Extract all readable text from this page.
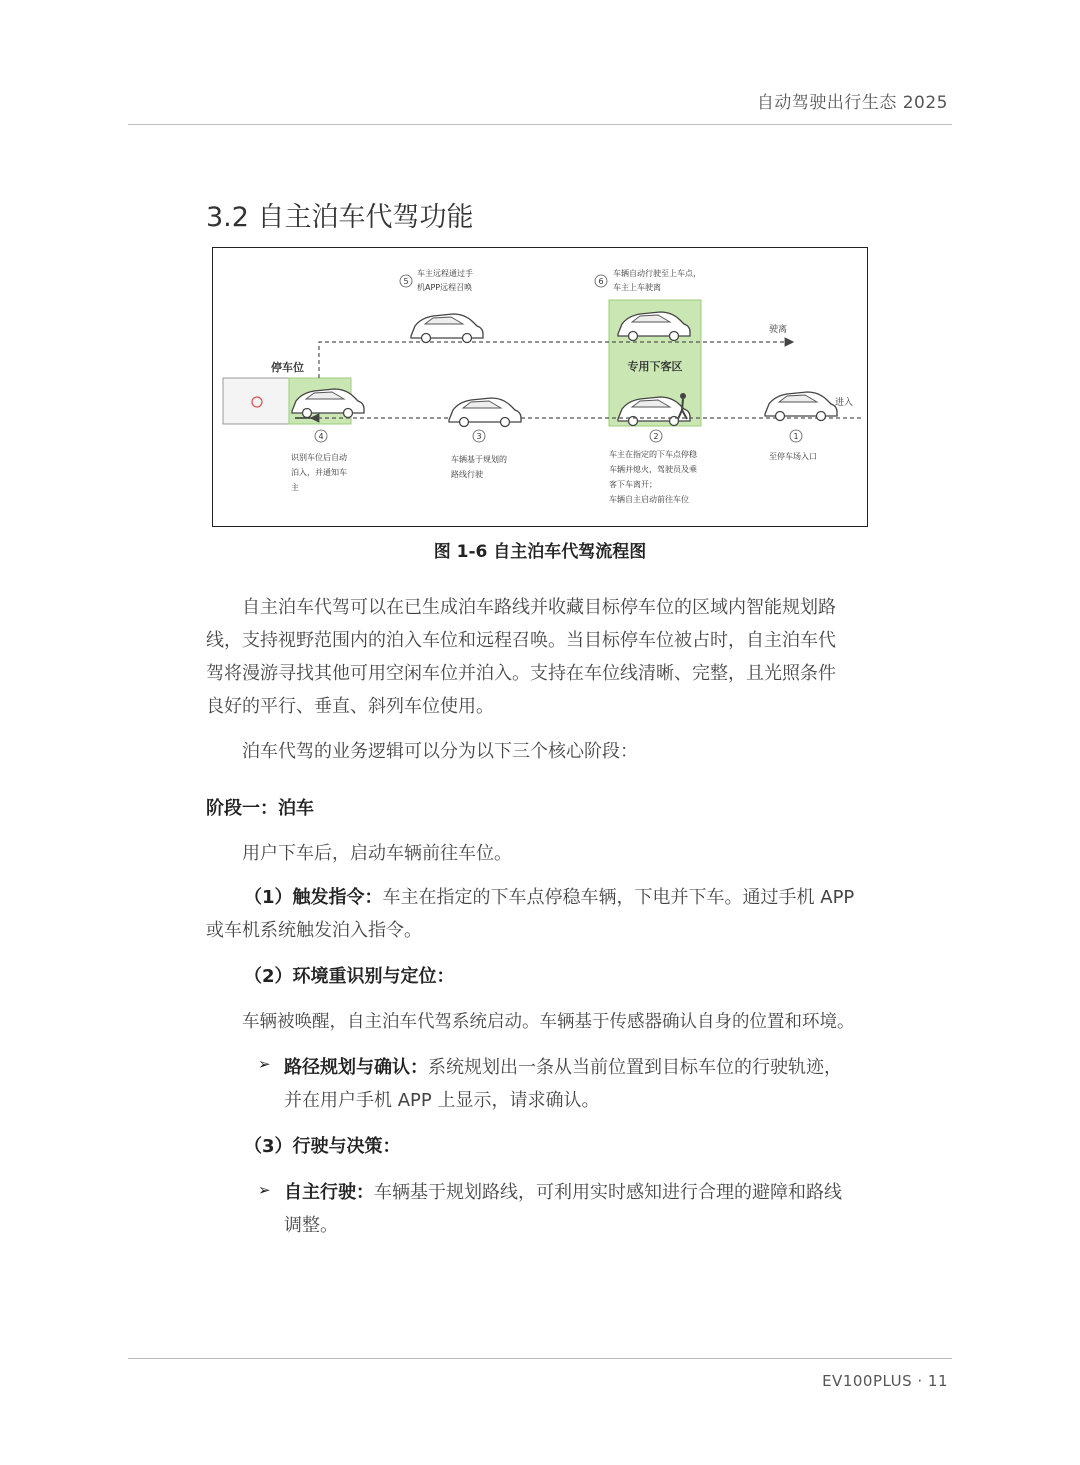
自动驾驶出行生态 2025
3.2 自主泊车代驾功能
停车位	专用下客区
驶离
进入
5
车主远程通过手
机APP远程召唤
6
车辆自动行驶至上车点，
车主上车驶离
4
识别车位后自动
泊入，并通知车
主
3
车辆基于规划的
路线行驶
2
车主在指定的下车点停稳
车辆并熄火，驾驶员及乘
客下车离开；
车辆自主启动前往车位
1
至停车场入口
图 1-6 自主泊车代驾流程图
自主泊车代驾可以在已生成泊车路线并收藏目标停车位的区域内智能规划路
线，支持视野范围内的泊入车位和远程召唤。当目标停车位被占时，自主泊车代
驾将漫游寻找其他可用空闲车位并泊入。支持在车位线清晰、完整，且光照条件
良好的平行、垂直、斜列车位使用。
泊车代驾的业务逻辑可以分为以下三个核心阶段：
阶段一：泊车
用户下车后，启动车辆前往车位。
（1）触发指令：车主在指定的下车点停稳车辆，下电并下车。通过手机 APP
或车机系统触发泊入指令。
（2）环境重识别与定位：
车辆被唤醒，自主泊车代驾系统启动。车辆基于传感器确认自身的位置和环境。
➢ 路径规划与确认：系统规划出一条从当前位置到目标车位的行驶轨迹，
并在用户手机 APP 上显示，请求确认。
（3）行驶与决策：
➢ 自主行驶：车辆基于规划路线，可利用实时感知进行合理的避障和路线
调整。
EV100PLUS · 11
